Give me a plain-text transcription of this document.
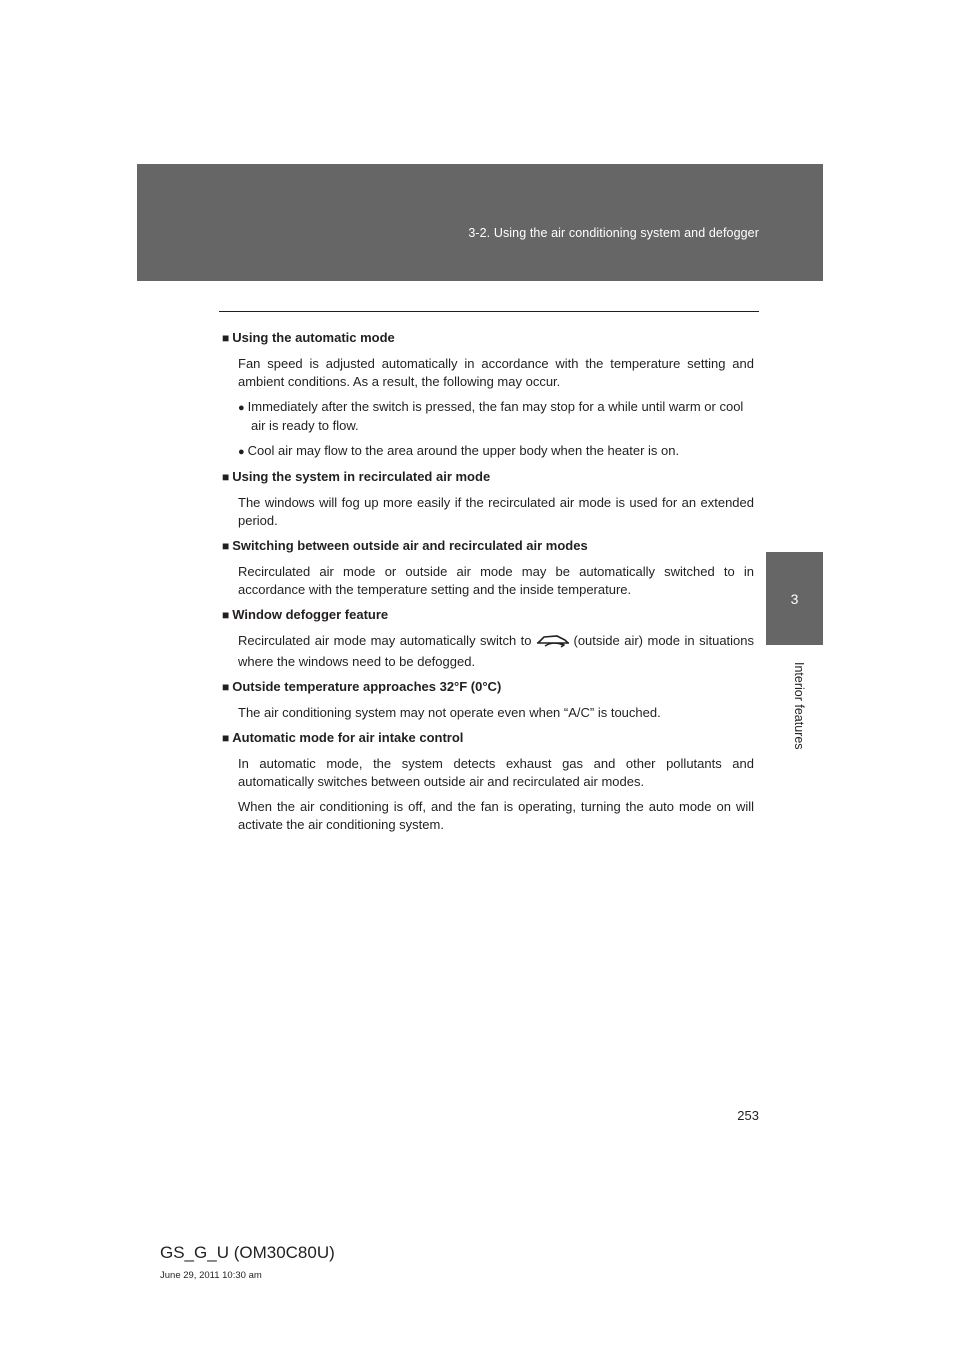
3-2. Using the air conditioning system and defogger
3
Interior features
■ Using the automatic mode

Fan speed is adjusted automatically in accordance with the temperature setting and ambient conditions. As a result, the following may occur.

● Immediately after the switch is pressed, the fan may stop for a while until warm or cool air is ready to flow.

● Cool air may flow to the area around the upper body when the heater is on.

■ Using the system in recirculated air mode

The windows will fog up more easily if the recirculated air mode is used for an extended period.

■ Switching between outside air and recirculated air modes

Recirculated air mode or outside air mode may be automatically switched to in accordance with the temperature setting and the inside temperature.

■ Window defogger feature

Recirculated air mode may automatically switch to	(outside air) mode in situations where the windows need to be defogged.

■ Outside temperature approaches 32°F (0°C)

The air conditioning system may not operate even when “A/C” is touched.

■ Automatic mode for air intake control

In automatic mode, the system detects exhaust gas and other pollutants and automatically switches between outside air and recirculated air modes.

When the air conditioning is off, and the fan is operating, turning the auto mode on will activate the air conditioning system.

253
GS_G_U (OM30C80U)
June 29, 2011 10:30 am
